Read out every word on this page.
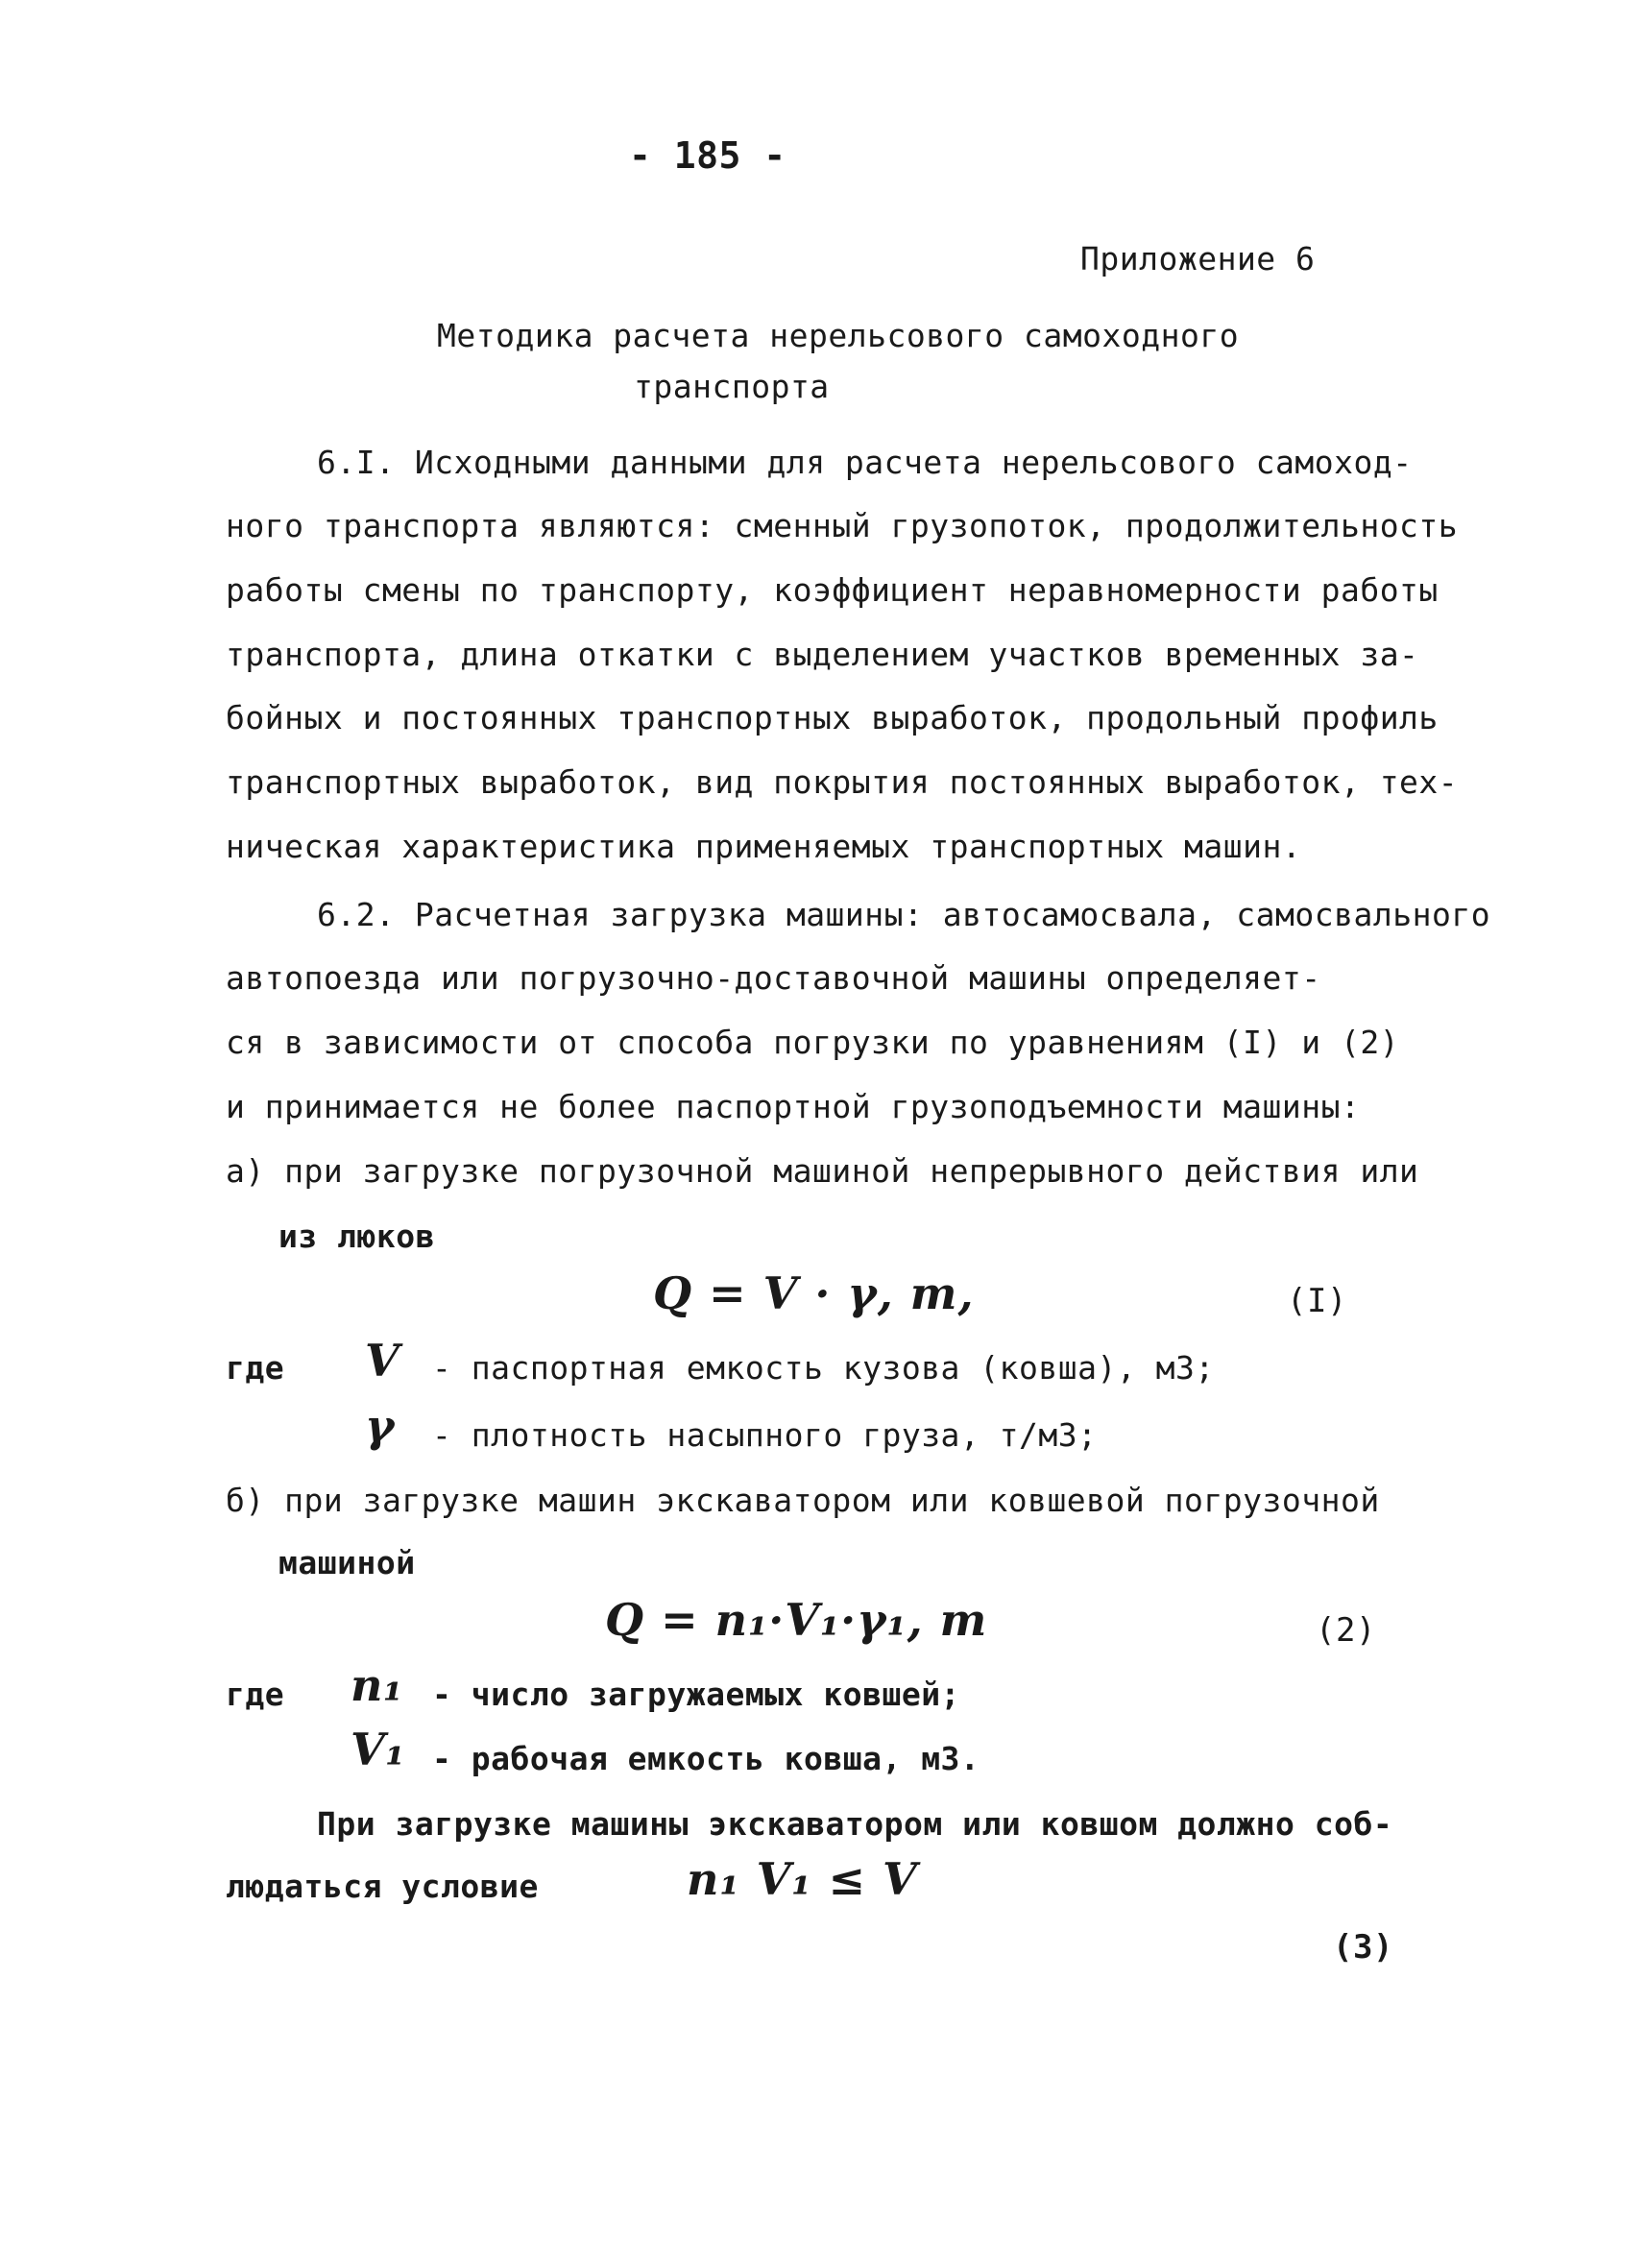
- 185 -
Приложение 6
Методика расчета нерельсового самоходного
транспорта
6.I. Исходными данными для расчета нерельсового самоход-
ного транспорта являются: сменный грузопоток, продолжительность
работы смены по транспорту, коэффициент неравномерности работы
транспорта, длина откатки с выделением участков временных за-
бойных и постоянных транспортных выработок, продольный профиль
транспортных выработок, вид покрытия постоянных выработок, тех-
ническая характеристика применяемых транспортных машин.
6.2. Расчетная загрузка машины: автосамосвала, самосвального
автопоезда или погрузочно-доставочной машины определяет-
ся в зависимости от способа погрузки по уравнениям (I) и (2)
и принимается не более паспортной грузоподъемности машины:
а) при загрузке погрузочной машиной непрерывного действия или
из люков
Q = V · γ, т,	(I)
где V - паспортная емкость кузова (ковша), м3;
γ - плотность насыпного груза, т/м3;
б) при загрузке машин экскаватором или ковшевой погрузочной
машиной
Q = n₁·V₁·γ₁, т	(2)
где n₁ - число загружаемых ковшей;
V₁ - рабочая емкость ковша, м3.
При загрузке машины экскаватором или ковшом должно соб-
людаться условие	n₁ V₁ ≤ V
(3)
